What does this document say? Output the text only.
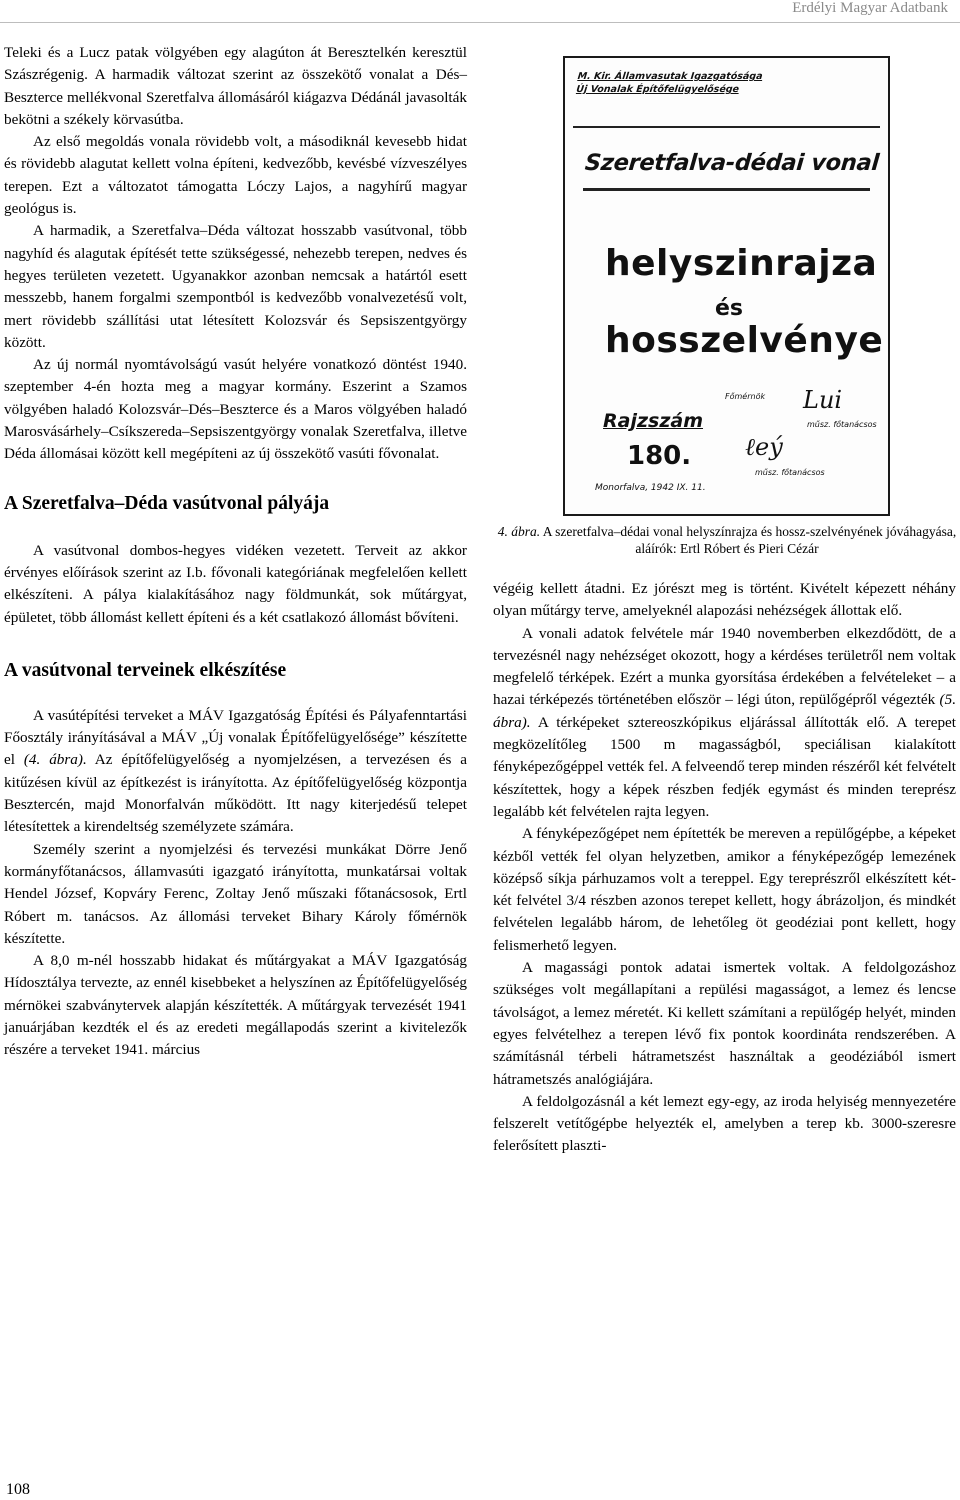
Erdélyi Magyar Adatbank

Teleki és a Lucz patak völgyében egy alagúton át Beresztelkén keresztül Szászrégenig. A harmadik változat szerint az összekötő vonalat a Dés–Beszterce mellékvonal Szeretfalva állomásáról kiágazva Dédánál javasolták bekötni a székely körvasútba.

Az első megoldás vonala rövidebb volt, a másodiknál kevesebb hidat és rövidebb alagutat kellett volna építeni, kedvezőbb, kevésbé vízveszélyes terepen. Ezt a változatot támogatta Lóczy Lajos, a nagyhírű magyar geológus is.

A harmadik, a Szeretfalva–Déda változat hosszabb vasútvonal, több nagyhíd és alagutak építését tette szükségessé, nehezebb terepen, nedves és hegyes területen vezetett. Ugyanakkor azonban nemcsak a határtól esett messzebb, hanem forgalmi szempontból is kedvezőbb vonalvezetésű volt, mert rövidebb szállítási utat létesített Kolozsvár és Sepsiszentgyörgy között.

Az új normál nyomtávolságú vasút helyére vonatkozó döntést 1940. szeptember 4-én hozta meg a magyar kormány. Eszerint a Szamos völgyében haladó Kolozsvár–Dés–Beszterce és a Maros völgyében haladó Marosvásárhely–Csíkszereda–Sepsiszentgyörgy vonalak Szeretfalva, illetve Déda állomásai között kell megépíteni az új összekötő vasúti fővonalat.

A Szeretfalva–Déda vasútvonal pályája

A vasútvonal dombos-hegyes vidéken vezetett. Terveit az akkor érvényes előírások szerint az I.b. fővonali kategóriának megfelelően kellett elkészíteni. A pálya kialakításához nagy földmunkát, sok műtárgyat, épületet, több állomást kellett építeni és a két csatlakozó állomást bővíteni.

A vasútvonal terveinek elkészítése

A vasútépítési terveket a MÁV Igazgatóság Építési és Pályafenntartási Főosztály irányításával a MÁV „Új vonalak Építőfelügyelősége” készítette el (4. ábra). Az építőfelügyelőség a nyomjelzésen, a tervezésen és a kitűzésen kívül az építkezést is irányította. Az építőfelügyelőség központja Besztercén, majd Monorfalván működött. Itt nagy kiterjedésű telepet létesítettek a kirendeltség személyzete számára.

Személy szerint a nyomjelzési és tervezési munkákat Dörre Jenő kormányfőtanácsos, államvasúti igazgató irányította, munkatársai voltak Hendel József, Kopváry Ferenc, Zoltay Jenő műszaki főtanácsosok, Ertl Róbert m. tanácsos. Az állomási terveket Bihary Károly főmérnök készítette.

A 8,0 m-nél hosszabb hidakat és műtárgyakat a MÁV Igazgatóság Hídosztálya tervezte, az ennél kisebbeket a helyszínen az Építőfelügyelőség mérnökei szabványtervek alapján készítették. A műtárgyak tervezését 1941 januárjában kezdték el és az eredeti megállapodás szerint a kivitelezők részére a terveket 1941. március

M. Kir. Államvasutak Igazgatósága
Új Vonalak Építőfelügyelősége
Szeretfalva-dédai vonal
helyszinrajza
és
hosszelvénye
Főmérnök Lui
műsz. főtanácsos
Rajzszám
180. ℓeý
műsz. főtanácsos
Monorfalva, 1942 IX. 11.
4. ábra. A szeretfalva–dédai vonal helyszínrajza és hossz-szelvényének jóváhagyása, aláírók: Ertl Róbert és Pieri Cézár

végéig kellett átadni. Ez jórészt meg is történt. Kivételt képezett néhány olyan műtárgy terve, amelyeknél alapozási nehézségek állottak elő.

A vonali adatok felvétele már 1940 novemberben elkezdődött, de a tervezésnél nagy nehézséget okozott, hogy a kérdéses területről nem voltak megfelelő térképek. Ezért a munka gyorsítása érdekében a felvételeket – a hazai térképezés történetében először – légi úton, repülőgépről végezték (5. ábra). A térképeket sztereoszkópikus eljárással állították elő. A terepet megközelítőleg 1500 m magasságból, speciálisan kialakított fényképezőgéppel vették fel. A felveendő terep minden részéről két felvételt készítettek, hogy a képek részben fedjék egymást és minden tereprész legalább két felvételen rajta legyen.

A fényképezőgépet nem építették be mereven a repülőgépbe, a képeket kézből vették fel olyan helyzetben, amikor a fényképezőgép lemezének középső síkja párhuzamos volt a tereppel. Egy tereprészről elkészített két-két felvétel 3/4 részben azonos terepet kellett, hogy ábrázoljon, és mindkét felvételen legalább három, de lehetőleg öt geodéziai pont kellett, hogy felismerhető legyen.

A magassági pontok adatai ismertek voltak. A feldolgozáshoz szükséges volt megállapítani a repülési magasságot, a lemez és lencse távolságot, a lemez méretét. Ki kellett számítani a repülőgép helyét, minden egyes felvételhez a terepen lévő fix pontok koordináta rendszerében. A számításnál térbeli hátrametszést használtak a geodéziából ismert hátrametszés analógiájára.

A feldolgozásnál a két lemezt egy-egy, az iroda helyiség mennyezetére felszerelt vetítőgépbe helyezték el, amelyben a terep kb. 3000-szeresre felerősített plaszti-

108
